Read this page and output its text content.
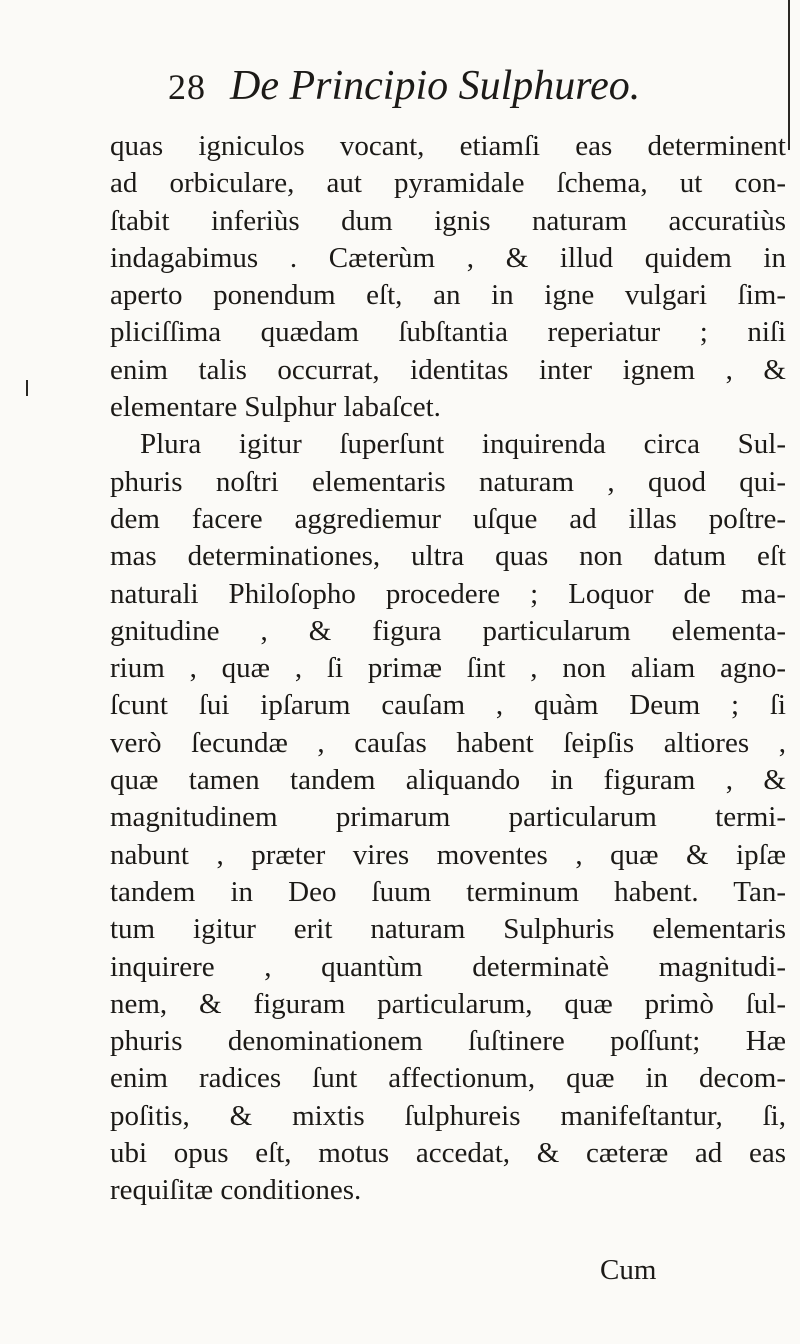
28 De Principio Sulphureo.
quas igniculos vocant, etiamſi eas determinent
ad orbiculare, aut pyramidale ſchema, ut con-
ſtabit inferiùs dum ignis naturam accuratiùs
indagabimus . Cæterùm , & illud quidem in
aperto ponendum eſt, an in igne vulgari ſim-
pliciſſima quædam ſubſtantia reperiatur ; niſi
enim talis occurrat, identitas inter ignem , &
elementare Sulphur labaſcet.
Plura igitur ſuperſunt inquirenda circa Sul-
phuris noſtri elementaris naturam , quod qui-
dem facere aggrediemur uſque ad illas poſtre-
mas determinationes, ultra quas non datum eſt
naturali Philoſopho procedere ; Loquor de ma-
gnitudine , & figura particularum elementa-
rium , quæ , ſi primæ ſint , non aliam agno-
ſcunt ſui ipſarum cauſam , quàm Deum ; ſi
verò ſecundæ , cauſas habent ſeipſis altiores ,
quæ tamen tandem aliquando in figuram , &
magnitudinem primarum particularum termi-
nabunt , præter vires moventes , quæ & ipſæ
tandem in Deo ſuum terminum habent. Tan-
tum igitur erit naturam Sulphuris elementaris
inquirere , quantùm determinatè magnitudi-
nem, & figuram particularum, quæ primò ſul-
phuris denominationem ſuſtinere poſſunt; Hæ
enim radices ſunt affectionum, quæ in decom-
poſitis, & mixtis ſulphureis manifeſtantur, ſi,
ubi opus eſt, motus accedat, & cæteræ ad eas
requiſitæ conditiones.
Cum
